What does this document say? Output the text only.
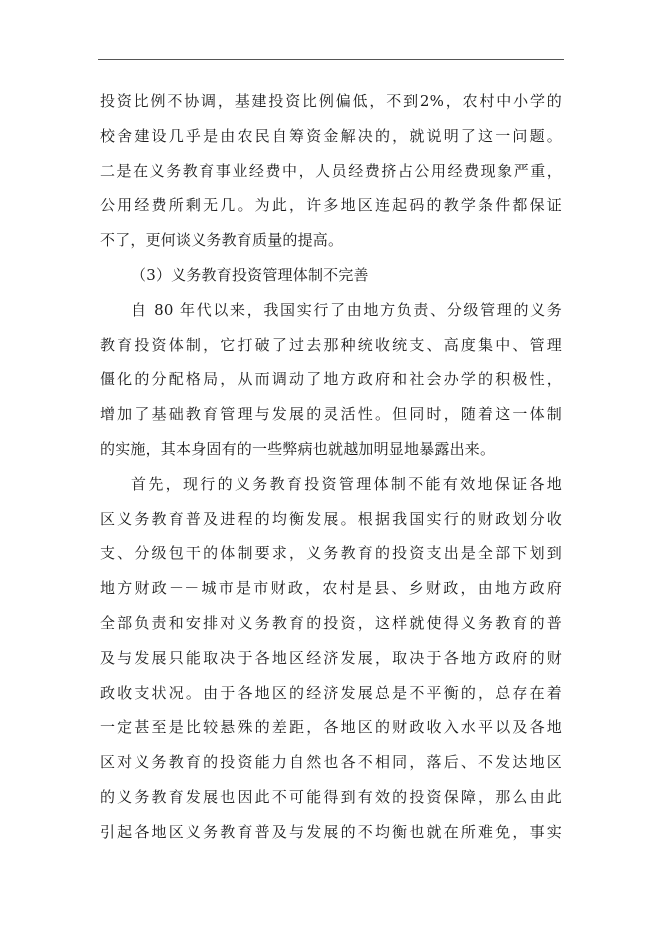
投资比例不协调，基建投资比例偏低，不到2%，农村中小学的
校舍建设几乎是由农民自筹资金解决的，就说明了这一问题。
二是在义务教育事业经费中，人员经费挤占公用经费现象严重，
公用经费所剩无几。为此，许多地区连起码的教学条件都保证
不了，更何谈义务教育质量的提高。
（3）义务教育投资管理体制不完善
自 80 年代以来，我国实行了由地方负责、分级管理的义务
教育投资体制，它打破了过去那种统收统支、高度集中、管理
僵化的分配格局，从而调动了地方政府和社会办学的积极性，
增加了基础教育管理与发展的灵活性。但同时，随着这一体制
的实施，其本身固有的一些弊病也就越加明显地暴露出来。
首先，现行的义务教育投资管理体制不能有效地保证各地
区义务教育普及进程的均衡发展。根据我国实行的财政划分收
支、分级包干的体制要求，义务教育的投资支出是全部下划到
地方财政－－城市是市财政，农村是县、乡财政，由地方政府
全部负责和安排对义务教育的投资，这样就使得义务教育的普
及与发展只能取决于各地区经济发展，取决于各地方政府的财
政收支状况。由于各地区的经济发展总是不平衡的，总存在着
一定甚至是比较悬殊的差距，各地区的财政收入水平以及各地
区对义务教育的投资能力自然也各不相同，落后、不发达地区
的义务教育发展也因此不可能得到有效的投资保障，那么由此
引起各地区义务教育普及与发展的不均衡也就在所难免，事实
